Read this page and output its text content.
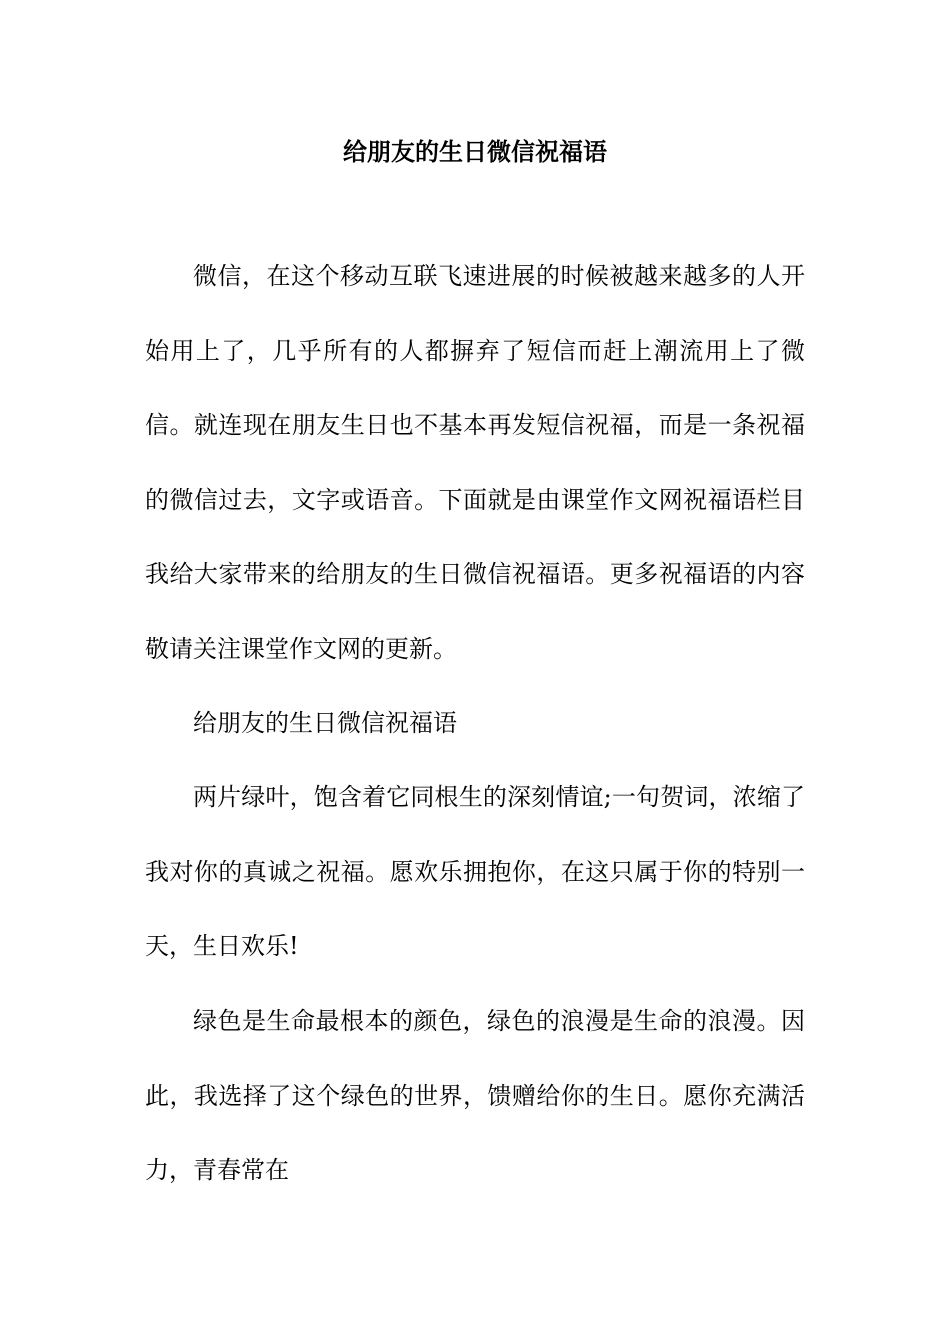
给朋友的生日微信祝福语

微信，在这个移动互联飞速进展的时候被越来越多的人开始用上了，几乎所有的人都摒弃了短信而赶上潮流用上了微信。就连现在朋友生日也不基本再发短信祝福，而是一条祝福的微信过去，文字或语音。下面就是由课堂作文网祝福语栏目我给大家带来的给朋友的生日微信祝福语。更多祝福语的内容敬请关注课堂作文网的更新。

给朋友的生日微信祝福语

两片绿叶，饱含着它同根生的深刻情谊;一句贺词，浓缩了我对你的真诚之祝福。愿欢乐拥抱你，在这只属于你的特别一天，生日欢乐!

绿色是生命最根本的颜色，绿色的浪漫是生命的浪漫。因此，我选择了这个绿色的世界，馈赠给你的生日。愿你充满活力，青春常在
